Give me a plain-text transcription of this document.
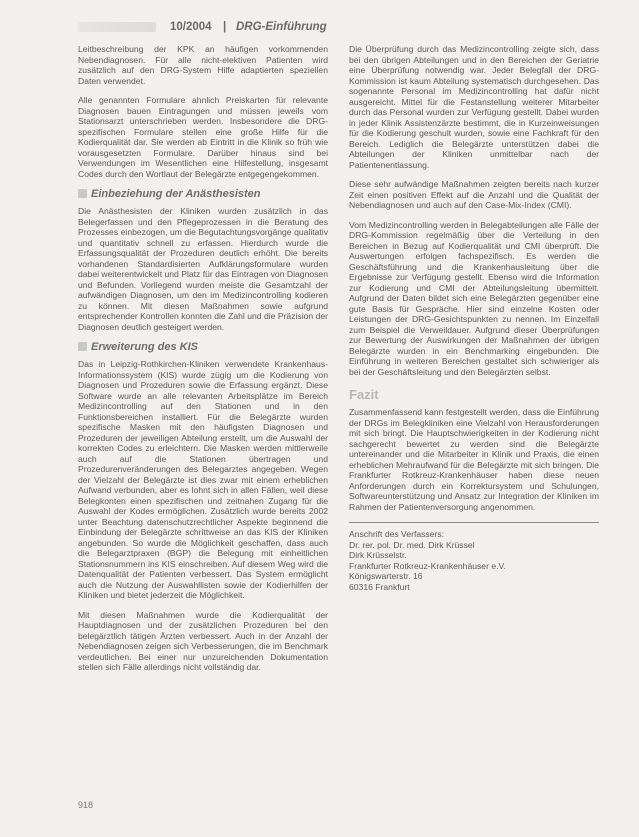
10/2004 | DRG-Einführung

Leitbeschreibung der KPK an häufigen vorkommenden Nebendiagnosen. Für alle nicht-elektiven Patienten wird zusätzlich auf den DRG-System Hilfe adaptierten speziellen Daten verwendet.

Alle genannten Formulare ahnlich Preiskarten für relevante Diagnosen bauen Eintragungen und müssen jeweils vom Stationsarzt unterschrieben werden. Insbesondere die DRG-spezifischen Formulare stellen eine große Hilfe für die Kodierqualität dar. Sie werden ab Eintritt in die Klinik so früh wie vorausgesetzten Formulare. Darüber hinaus sind bei Verwendungen im Wesentlichen eine Hilfestellung, insgesamt Codes durch den Wortlaut der Belegärzte entgegengekommen.

Einbeziehung der Anästhesisten

Die Anästhesisten der Kliniken wurden zusätzlich in das Belegerfassen und den Pflegeprozessen in die Beratung des Prozesses einbezogen, um die Begutachtungsvorgänge qualitativ und quantitativ schnell zu erfassen. Hierdurch wurde die Erfassungsqualität der Prozeduren deutlich erhöht. Die bereits vorhandenen Standardisierten Aufklärungsformulare wurden dabei weiterentwickelt und Platz für das Eintragen von Diagnosen und Befunden. Vorliegend wurden meiste die Gesamtzahl der aufwändigen Diagnosen, um den im Medizincontrolling kodieren zu können. Mit diesen Maßnahmen sowie aufgrund entsprechender Kontrollen konnten die Zahl und die Präzision der Diagnosen deutlich gesteigert werden.

Erweiterung des KIS

Das in Leipzig-Rothkirchen-Kliniken verwendete Krankenhaus-Informationssystem (KIS) wurde zügig um die Kodierung von Diagnosen und Prozeduren sowie die Erfassung ergänzt. Diese Software wurde an alle relevanten Arbeitsplätze im Bereich Medizincontrolling auf den Stationen und in den Funktionsbereichen installiert. Für die Belegärzte wurden spezifische Masken mit den häufigsten Diagnosen und Prozeduren der jeweiligen Abteilung erstellt, um die Auswahl der korrekten Codes zu erleichtern. Die Masken werden mittlerweile auch auf die Stationen übertragen und Prozedurenveränderungen des Belegarztes angegeben. Wegen der Vielzahl der Belegärzte ist dies zwar mit einem erheblichen Aufwand verbunden, aber es lohnt sich in allen Fällen, weil diese Belegkonten einen spezifischen und zeitnahen Zugang für die Auswahl der Kodes ermöglichen. Zusätzlich wurde bereits 2002 unter Beachtung datenschutzrechtlicher Aspekte beginnend die Einbindung der Belegärzte schrittweise an das KIS der Kliniken angebunden. So wurde die Möglichkeit geschaffen, dass auch die Belegarztpraxen (BGP) die Belegung mit einheitlichen Stationsnummern ins KIS einschreiben. Auf diesem Weg wird die Datenqualität der Patienten verbessert. Das System ermöglicht auch die Nutzung der Auswahllisten sowie der Kodierhilfen der Kliniken und bietet jederzeit die Möglichkeit.

Mit diesen Maßnahmen wurde die Kodierqualität der Hauptdiagnosen und der zusätzlichen Prozeduren bei den belegärztlich tätigen Ärzten verbessert. Auch in der Anzahl der Nebendiagnosen zeigen sich Verbesserungen, die im Benchmark verdeutlichen. Bei einer nur unzureichenden Dokumentation stellen sich Fälle allerdings nicht vollständig dar.

Die Überprüfung durch das Medizincontrolling zeigte sich, dass bei den übrigen Abteilungen und in den Bereichen der Geriatrie eine Überprüfung notwendig war. Jeder Belegfall der DRG-Kommission ist kaum Abteilung systematisch durchgesehen. Das sogenannte Personal im Medizincontrolling hat dafür nicht ausgereicht. Mittel für die Festanstellung weiterer Mitarbeiter durch das Personal wurden zur Verfügung gestellt. Dabei wurden in jeder Klinik Assistenzärzte bestimmt, die in Kurzeinweisungen für die Kodierung geschult wurden, sowie eine Fachkraft für den Bereich. Lediglich die Belegärzte unterstützen dabei die Abteilungen der Kliniken unmittelbar nach der Patientenentlassung.

Diese sehr aufwändige Maßnahmen zeigten bereits nach kurzer Zeit einen positiven Effekt auf die Anzahl und die Qualität der Nebendiagnosen und auch auf den Case-Mix-Index (CMI).

Vom Medizincontrolling werden in Belegabteilungen alle Fälle der DRG-Kommission regelmäßig über die Verteilung in den Bereichen in Bezug auf Kodierqualität und CMI überprüft. Die Auswertungen erfolgen fachspezifisch. Es werden die Geschäftsführung und die Krankenhausleitung über die Ergebnisse zur Verfügung gestellt. Ebenso wird die Information zur Kodierung und CMI der Abteilungsleitung übermittelt. Aufgrund der Daten bildet sich eine Belegärzten gegenüber eine gute Basis für Gespräche. Hier sind einzelne Kosten oder Leistungen der DRG-Gesichtspunkten zu nennen. Im Einzelfall zum Beispiel die Verweildauer. Aufgrund dieser Überprüfungen zur Bewertung der Auswirkungen der Maßnahmen der übrigen Belegärzte wurden in ein Benchmarking eingebunden. Die Einführung in weiteren Bereichen gestaltet sich schwieriger als bei der Geschäftsleitung und den Belegärzten selbst.

Fazit

Zusammenfassend kann festgestellt werden, dass die Einführung der DRGs im Belegkliniken eine Vielzahl von Herausforderungen mit sich bringt. Die Hauptschwierigkeiten in der Kodierung nicht sachgerecht bewertet zu werden sind die Belegärzte untereinander und die Mitarbeiter in Klinik und Praxis, die einen erheblichen Mehraufwand für die Belegärzte mit sich bringen. Die Frankfurter Rotkreuz-Krankenhäuser haben diese neuen Anforderungen durch ein Korrektursystem und Schulungen, Softwareunterstützung und Ansatz zur Integration der Kliniken im Rahmen der Patientenversorgung angenommen.

Anschrift des Verfassers:
Dr. rer. pol. Dr. med. Dirk Krüssel
Dirk Krüsselstr.
Frankfurter Rotkreuz-Krankenhäuser e.V.
Königswarterstr. 16
60316 Frankfurt
918
